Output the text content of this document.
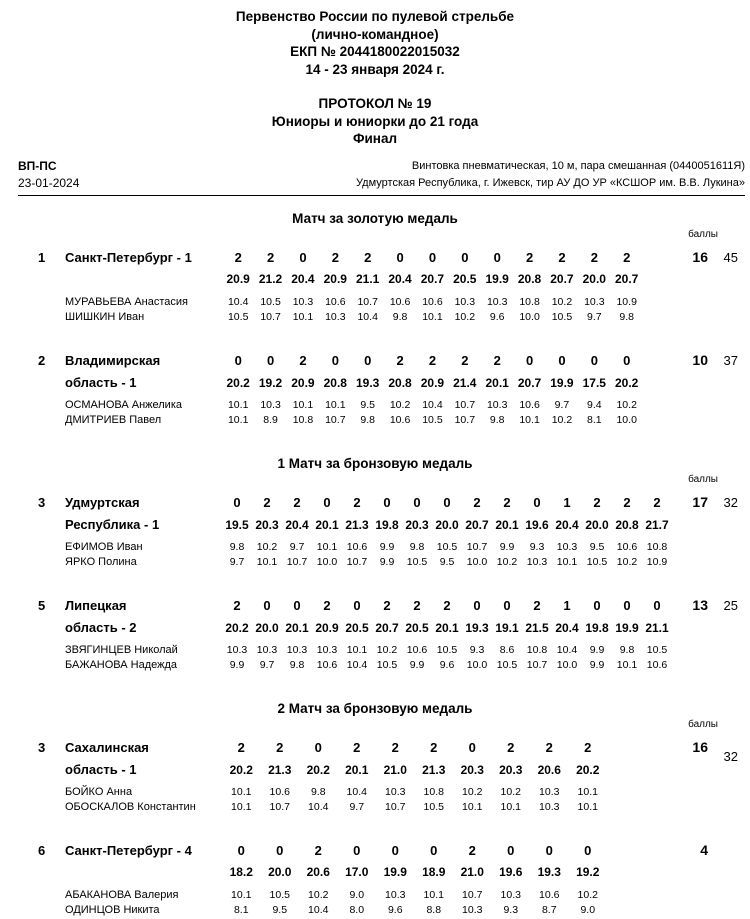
Первенство России по пулевой стрельбе
(лично-командное)
ЕКП № 2044180022015032
14 - 23 января 2024 г.
ПРОТОКОЛ № 19
Юниоры и юниорки до 21 года
Финал
ВП-ПС
23-01-2024
Винтовка пневматическая, 10 м, пара смешанная (0440051611Я)
Удмуртская Республика, г. Ижевск, тир АУ ДО УР «КСШОР им. В.В. Лукина»
Матч за золотую медаль
баллы
1	Санкт-Петербург - 1	2	2	0	2	2	0	0	0	0	2	2	2	2	16	45
20.9 21.2 20.4 20.9 21.1 20.4 20.7 20.5 19.9 20.8 20.7 20.0 20.7
МУРАВЬЕВА Анастасия	10.4	10.5	10.3	10.6	10.7	10.6	10.6	10.3	10.3	10.8	10.2	10.3	10.9
ШИШКИН Иван	10.5	10.7	10.1	10.3	10.4	9.8	10.1	10.2	9.6	10.0	10.5	9.7	9.8
2	Владимирская	0	0	2	0	0	2	2	2	2	0	0	0	0	10	37
область - 1	20.2 19.2 20.9 20.8 19.3 20.8 20.9 21.4 20.1 20.7 19.9 17.5 20.2
ОСМАНОВА Анжелика	10.1	10.3	10.1	10.1	9.5	10.2	10.4	10.7	10.3	10.6	9.7	9.4	10.2
ДМИТРИЕВ Павел	10.1	8.9	10.8	10.7	9.8	10.6	10.5	10.7	9.8	10.1	10.2	8.1	10.0
1 Матч за бронзовую медаль
баллы
3	Удмуртская	0	2	2	0	2	0	0	0	2	2	0	1	2	2	2	17	32
Республика - 1	19.5 20.3 20.4 20.1 21.3 19.8 20.3 20.0 20.7 20.1 19.6 20.4 20.0 20.8 21.7
ЕФИМОВ Иван	9.8	10.2	9.7	10.1 10.6	9.9	9.8	10.5 10.7	9.9	9.3	10.3	9.5	10.6 10.8
ЯРКО Полина	9.7	10.1 10.7 10.0 10.7	9.9	10.5	9.5	10.0 10.2 10.3 10.1 10.5 10.2 10.9
5	Липецкая	2	0	0	2	0	2	2	2	0	0	2	1	0	0	0	13	25
область - 2	20.2 20.0 20.1 20.9 20.5 20.7 20.5 20.1 19.3 19.1 21.5 20.4 19.8 19.9 21.1
ЗВЯГИНЦЕВ Николай	10.3 10.3 10.3 10.3 10.1 10.2 10.6 10.5	9.3	8.6	10.8 10.4	9.9	9.8	10.5
БАЖАНОВА Надежда	9.9	9.7	9.8	10.6 10.4 10.5	9.9	9.6	10.0 10.5 10.7 10.0	9.9	10.1 10.6
2 Матч за бронзовую медаль
баллы
3	Сахалинская	2	2	0	2	2	2	0	2	2	2	16
32
область - 1	20.2	21.3	20.2	20.1	21.0	21.3	20.3	20.3	20.6	20.2
БОЙКО Анна	10.1	10.6	9.8	10.4	10.3	10.8	10.2	10.2	10.3	10.1
ОБОСКАЛОВ Константин	10.1	10.7	10.4	9.7	10.7	10.5	10.1	10.1	10.3	10.1
6	Санкт-Петербург - 4	0	0	2	0	0	0	2	0	0	0	4
18.2	20.0	20.6	17.0	19.9	18.9	21.0	19.6	19.3	19.2
АБАКАНОВА Валерия	10.1	10.5	10.2	9.0	10.3	10.1	10.7	10.3	10.6	10.2
ОДИНЦОВ Никита	8.1	9.5	10.4	8.0	9.6	8.8	10.3	9.3	8.7	9.0
